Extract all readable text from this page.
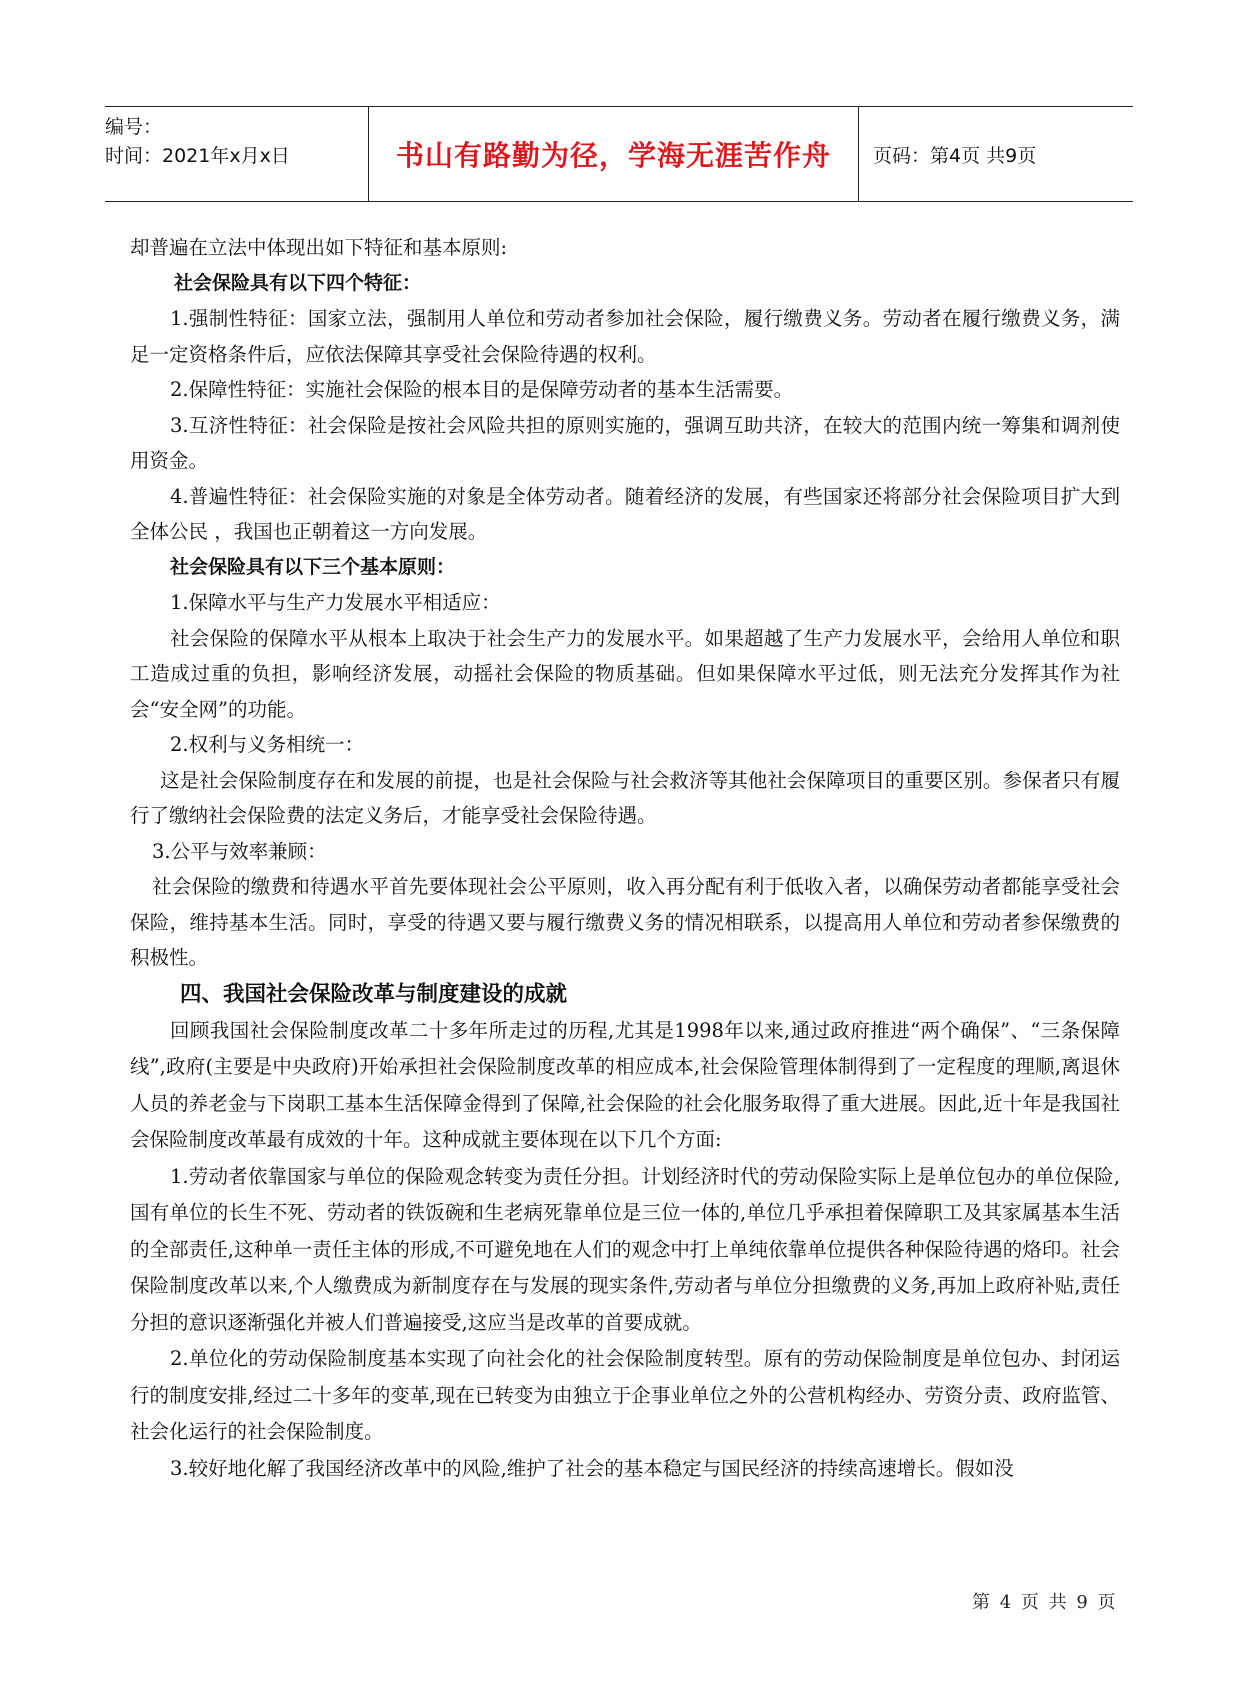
编号：
时间：2021年x月x日	书山有路勤为径，学海无涯苦作舟 页码：第4页 共9页

却普遍在立法中体现出如下特征和基本原则:

社会保险具有以下四个特征：

1.强制性特征：国家立法，强制用人单位和劳动者参加社会保险，履行缴费义务。劳动者在履行缴费义务，满足一定资格条件后，应依法保障其享受社会保险待遇的权利。

2.保障性特征：实施社会保险的根本目的是保障劳动者的基本生活需要。

3.互济性特征：社会保险是按社会风险共担的原则实施的，强调互助共济，在较大的范围内统一筹集和调剂使用资金。

4.普遍性特征：社会保险实施的对象是全体劳动者。随着经济的发展，有些国家还将部分社会保险项目扩大到全体公民 ，我国也正朝着这一方向发展。

社会保险具有以下三个基本原则：

1.保障水平与生产力发展水平相适应：

社会保险的保障水平从根本上取决于社会生产力的发展水平。如果超越了生产力发展水平，会给用人单位和职工造成过重的负担，影响经济发展，动摇社会保险的物质基础。但如果保障水平过低，则无法充分发挥其作为社会“安全网”的功能。

2.权利与义务相统一：

这是社会保险制度存在和发展的前提，也是社会保险与社会救济等其他社会保障项目的重要区别。参保者只有履行了缴纳社会保险费的法定义务后，才能享受社会保险待遇。

3.公平与效率兼顾：

社会保险的缴费和待遇水平首先要体现社会公平原则，收入再分配有利于低收入者，以确保劳动者都能享受社会保险，维持基本生活。同时，享受的待遇又要与履行缴费义务的情况相联系，以提高用人单位和劳动者参保缴费的积极性。

四、我国社会保险改革与制度建设的成就

回顾我国社会保险制度改革二十多年所走过的历程,尤其是1998年以来,通过政府推进“两个确保”、“三条保障线”,政府(主要是中央政府)开始承担社会保险制度改革的相应成本,社会保险管理体制得到了一定程度的理顺,离退休人员的养老金与下岗职工基本生活保障金得到了保障,社会保险的社会化服务取得了重大进展。因此,近十年是我国社会保险制度改革最有成效的十年。这种成就主要体现在以下几个方面:

1.劳动者依靠国家与单位的保险观念转变为责任分担。计划经济时代的劳动保险实际上是单位包办的单位保险,国有单位的长生不死、劳动者的铁饭碗和生老病死靠单位是三位一体的,单位几乎承担着保障职工及其家属基本生活的全部责任,这种单一责任主体的形成,不可避免地在人们的观念中打上单纯依靠单位提供各种保险待遇的烙印。社会保险制度改革以来,个人缴费成为新制度存在与发展的现实条件,劳动者与单位分担缴费的义务,再加上政府补贴,责任分担的意识逐渐强化并被人们普遍接受,这应当是改革的首要成就。

2.单位化的劳动保险制度基本实现了向社会化的社会保险制度转型。原有的劳动保险制度是单位包办、封闭运行的制度安排,经过二十多年的变革,现在已转变为由独立于企事业单位之外的公营机构经办、劳资分责、政府监管、社会化运行的社会保险制度。

3.较好地化解了我国经济改革中的风险,维护了社会的基本稳定与国民经济的持续高速增长。假如没

第 4 页 共 9 页
